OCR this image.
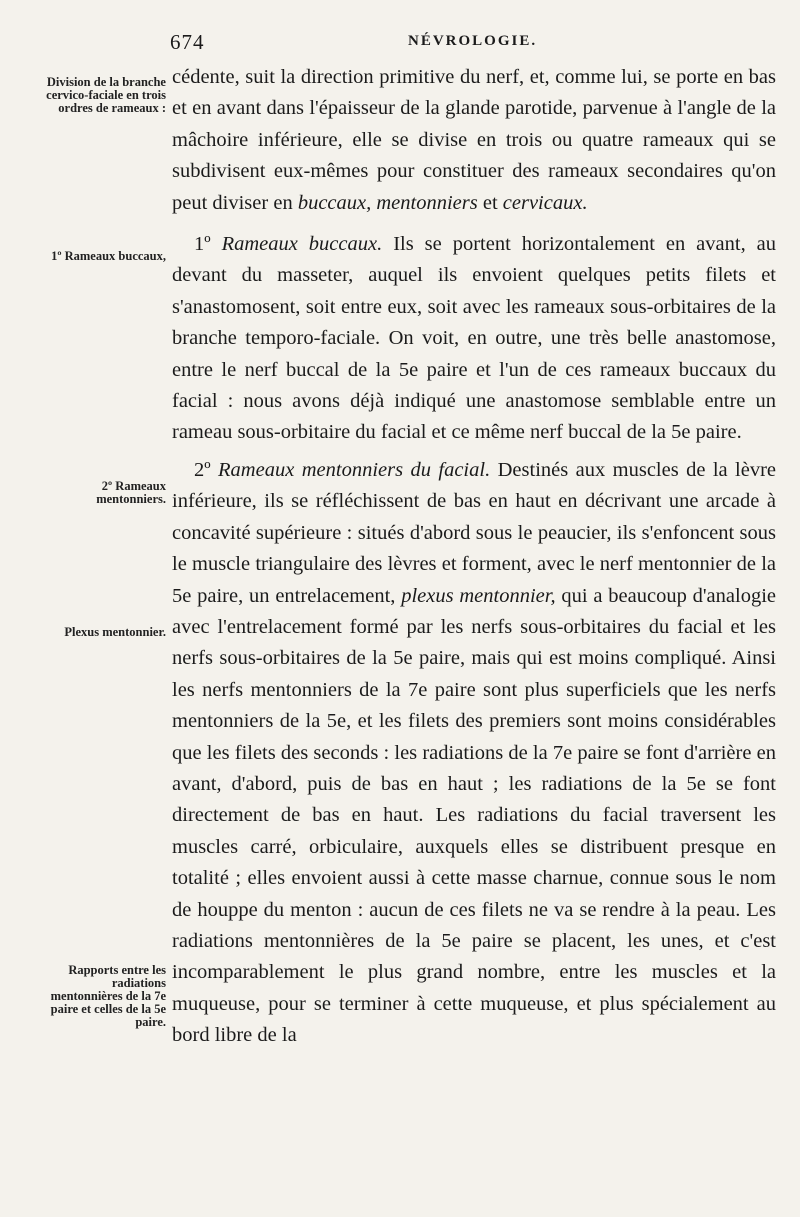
674	NÉVROLOGIE.
Division de la branche cervico-faciale en trois ordres de rameaux :
1º Rameaux buccaux,
2º Rameaux mentonniers.
Plexus mentonnier.
Rapports entre les radiations mentonnières de la 7e paire et celles de la 5e paire.

cédente, suit la direction primitive du nerf, et, comme lui, se porte en bas et en avant dans l'épaisseur de la glande parotide, parvenue à l'angle de la mâchoire inférieure, elle se divise en trois ou quatre rameaux qui se subdivisent eux-mêmes pour constituer des rameaux secondaires qu'on peut diviser en buccaux, mentonniers et cervicaux.

1º Rameaux buccaux. Ils se portent horizontalement en avant, au devant du masseter, auquel ils envoient quelques petits filets et s'anastomosent, soit entre eux, soit avec les rameaux sous-orbitaires de la branche temporo-faciale. On voit, en outre, une très belle anastomose, entre le nerf buccal de la 5e paire et l'un de ces rameaux buccaux du facial : nous avons déjà indiqué une anastomose semblable entre un rameau sous-orbitaire du facial et ce même nerf buccal de la 5e paire.

2º Rameaux mentonniers du facial. Destinés aux muscles de la lèvre inférieure, ils se réfléchissent de bas en haut en décrivant une arcade à concavité supérieure : situés d'abord sous le peaucier, ils s'enfoncent sous le muscle triangulaire des lèvres et forment, avec le nerf mentonnier de la 5e paire, un entrelacement, plexus mentonnier, qui a beaucoup d'analogie avec l'entrelacement formé par les nerfs sous-orbitaires du facial et les nerfs sous-orbitaires de la 5e paire, mais qui est moins compliqué. Ainsi les nerfs mentonniers de la 7e paire sont plus superficiels que les nerfs mentonniers de la 5e, et les filets des premiers sont moins considérables que les filets des seconds : les radiations de la 7e paire se font d'arrière en avant, d'abord, puis de bas en haut ; les radiations de la 5e se font directement de bas en haut. Les radiations du facial traversent les muscles carré, orbiculaire, auxquels elles se distribuent presque en totalité ; elles envoient aussi à cette masse charnue, connue sous le nom de houppe du menton : aucun de ces filets ne va se rendre à la peau. Les radiations mentonnières de la 5e paire se placent, les unes, et c'est incomparablement le plus grand nombre, entre les muscles et la muqueuse, pour se terminer à cette muqueuse, et plus spécialement au bord libre de la
